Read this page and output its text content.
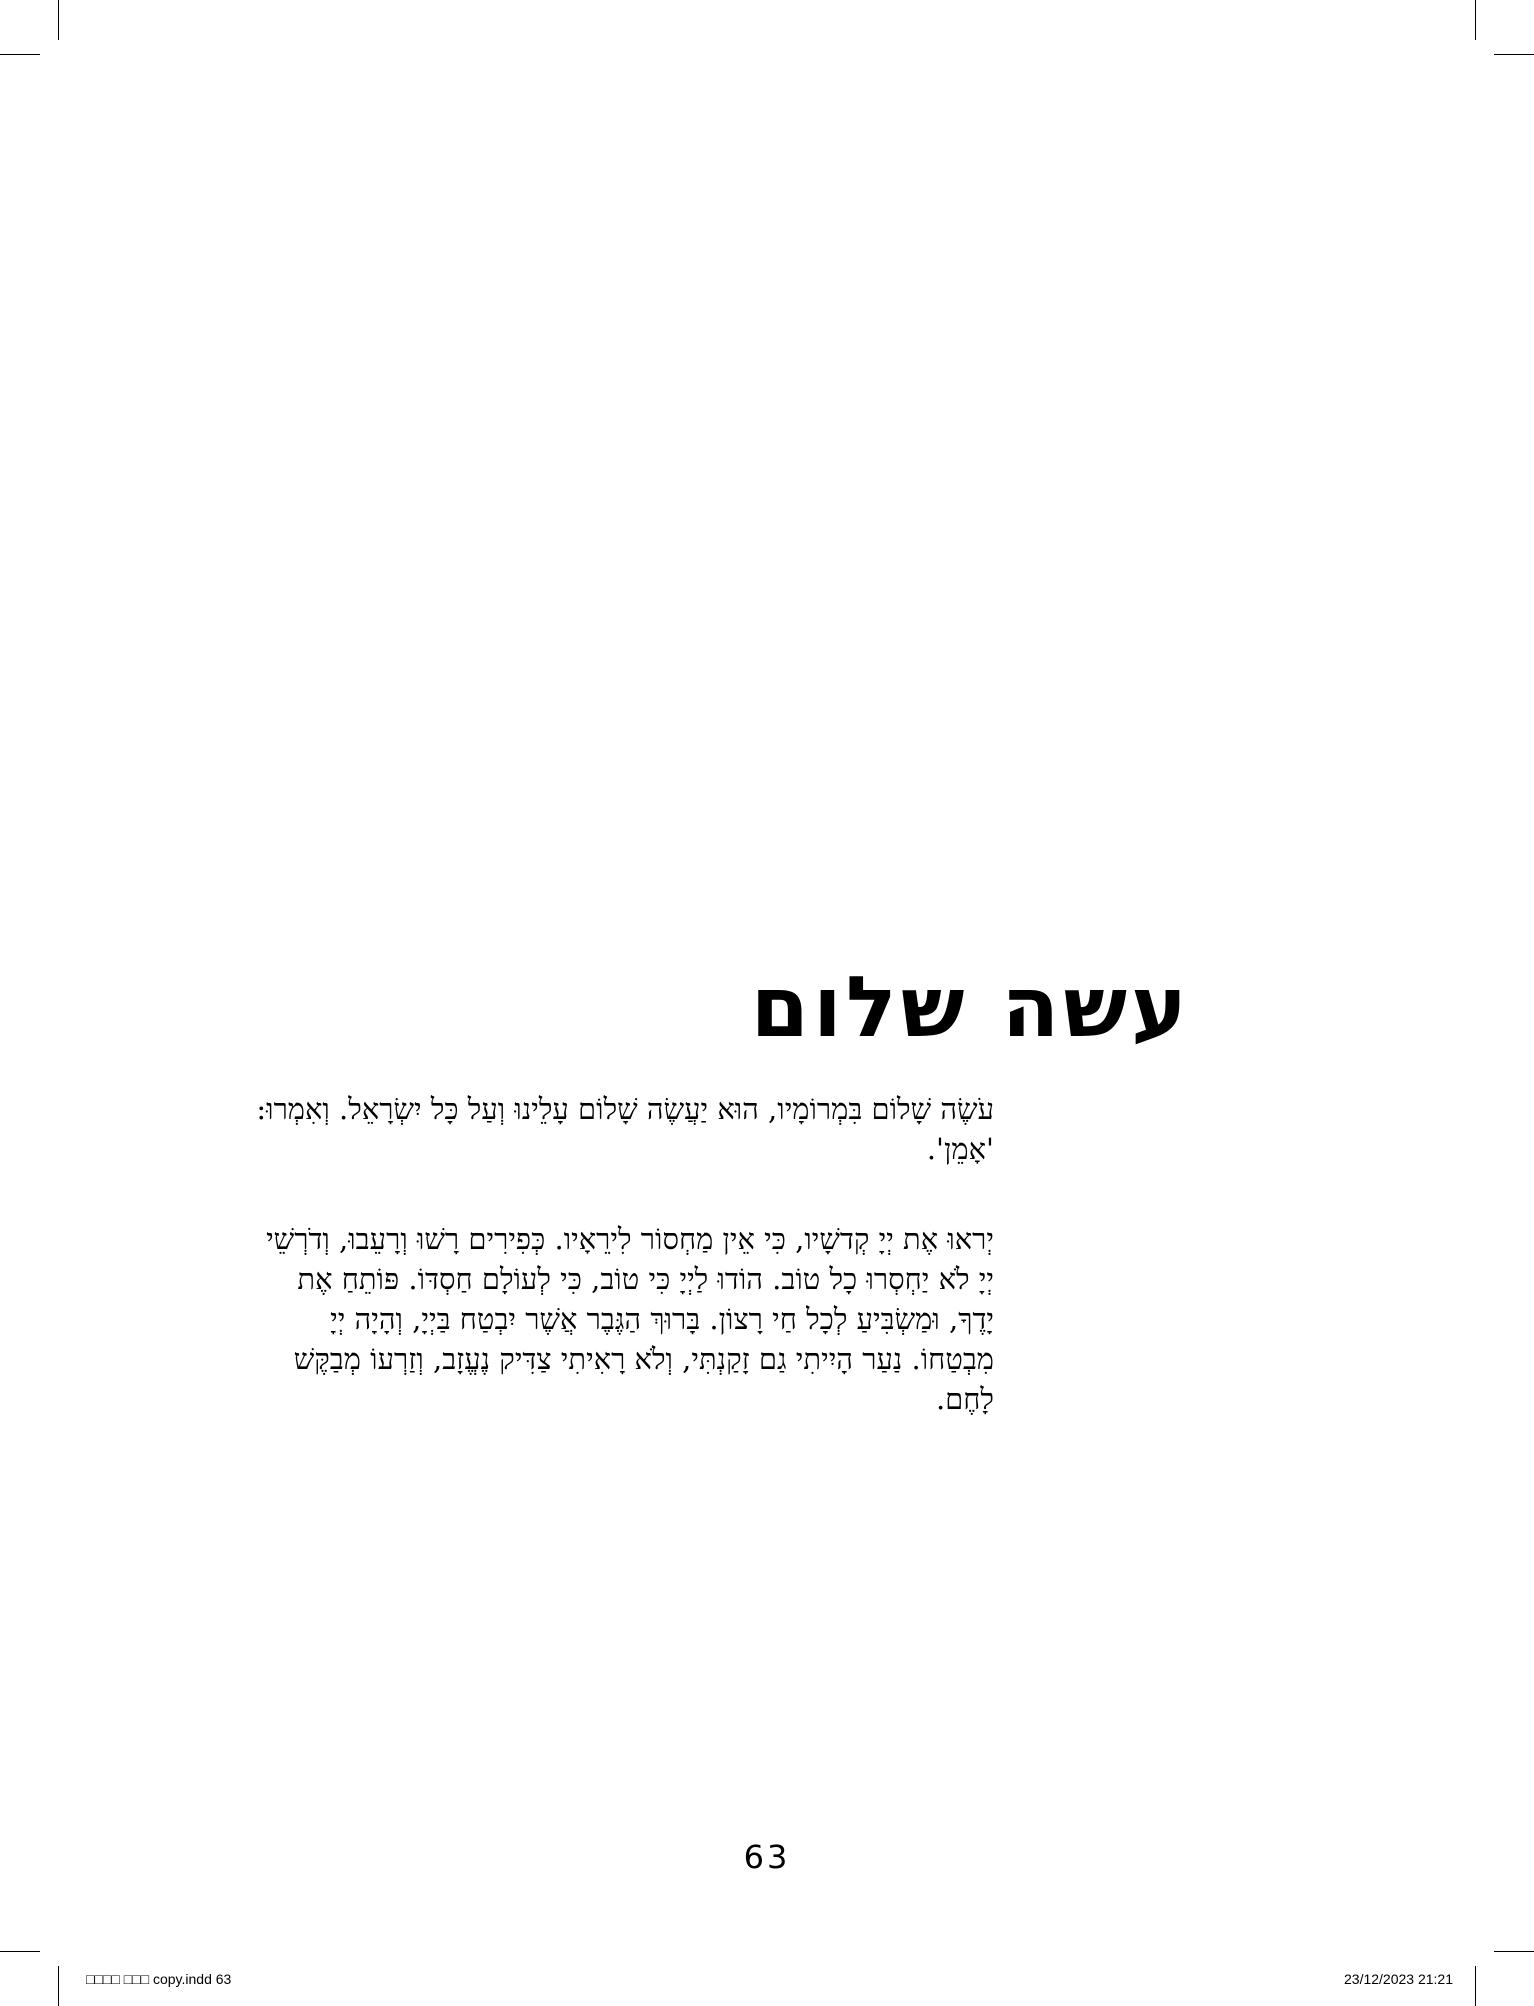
עשה שלום

עֹשֶׂה שָׁלוֹם בִּמְרוֹמָיו, הוּא יַעֲשֶׂה שָׁלוֹם עָלֵינוּ וְעַל כָּל יִשְׂרָאֵל. וְאִמְרוּ: 'אָמֵן'.

יְראוּ אֶת יְיָ קְדשָׁיו, כִּי אֵין מַחְסוֹר לִירֵאָיו. כְּפִירִים רָשׁוּ וְרָעֵבוּ, וְדֹרְשֵׁי יְיָ לֹא יַחְסְרוּ כָל טוֹב. הוֹדוּ לַיְיָ כִּי טוֹב, כִּי לְעוֹלָם חַסְדּוֹ. פּוֹתֵחַ אֶת יָדֶךָ, וּמַשְׂבִּיעַ לְכָל חַי רָצוֹן. בָּרוּךְ הַגֶּבֶר אֲשֶׁר יִבְטַח בַּיְיָ, וְהָיָה יְיָ מִבְטַחוֹ. נַעַר הָיִיתִי גַם זָקַנְתִּי, וְלֹא רָאִיתִי צַדִּיק נֶעֱזָב, וְזַרְעוֹ מְבַקֶּשׁ לָחֶם.

63
□□□□ □□□ copy.indd 63	23/12/2023 21:21
